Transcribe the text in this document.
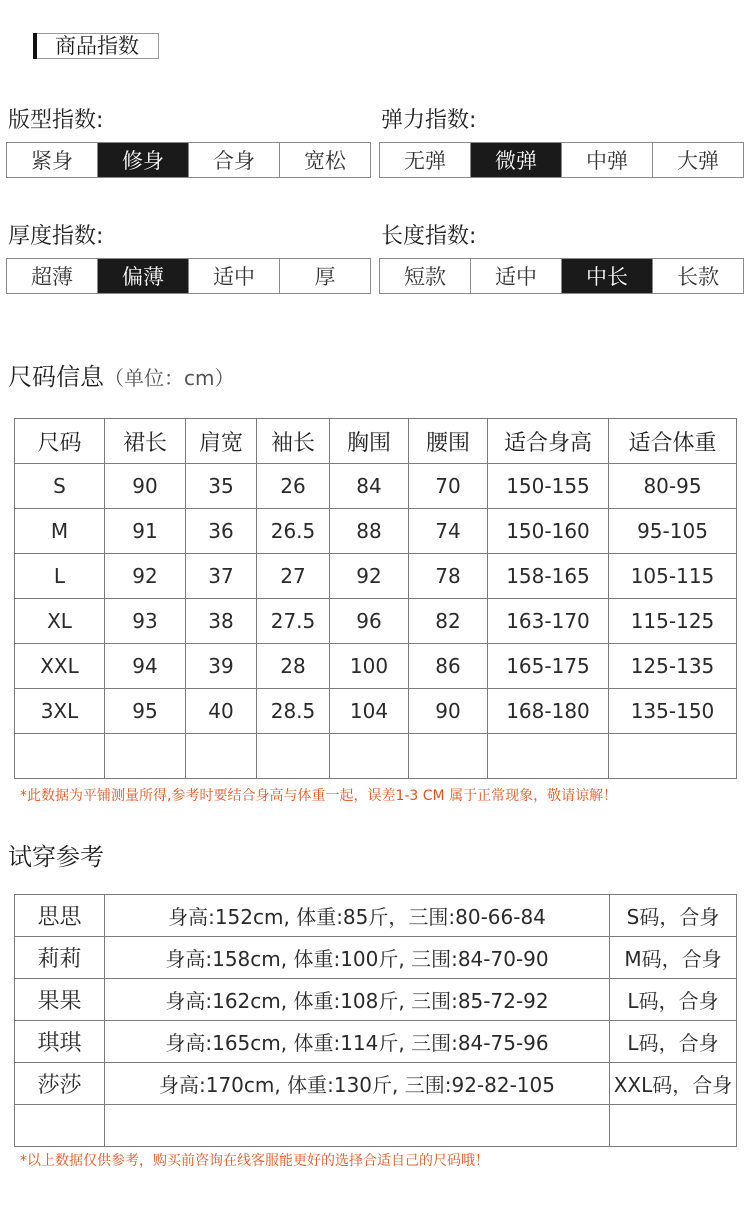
商品指数
版型指数:
紧身	修身	合身	宽松
弹力指数:
无弹	微弹	中弹	大弹
厚度指数:
超薄	偏薄	适中	厚
长度指数:
短款	适中	中长	长款
尺码信息（单位：cm）
尺码	裙长	肩宽	袖长	胸围	腰围	适合身高	适合体重
S	90	35	26	84	70	150-155	80-95
M	91	36	26.5	88	74	150-160	95-105
L	92	37	27	92	78	158-165	105-115
XL	93	38	27.5	96	82	163-170	115-125
XXL	94	39	28	100	86	165-175	125-135
3XL	95	40	28.5	104	90	168-180	135-150

*此数据为平铺测量所得,参考时要结合身高与体重一起，误差1-3 CM 属于正常现象，敬请谅解！
试穿参考
思思	身高:152cm, 体重:85斤，三围:80-66-84	S码，合身
莉莉	身高:158cm, 体重:100斤, 三围:84-70-90	M码，合身
果果	身高:162cm, 体重:108斤, 三围:85-72-92	L码，合身
琪琪	身高:165cm, 体重:114斤, 三围:84-75-96	L码，合身
莎莎	身高:170cm, 体重:130斤, 三围:92-82-105	XXL码，合身

*以上数据仅供参考，购买前咨询在线客服能更好的选择合适自己的尺码哦！
